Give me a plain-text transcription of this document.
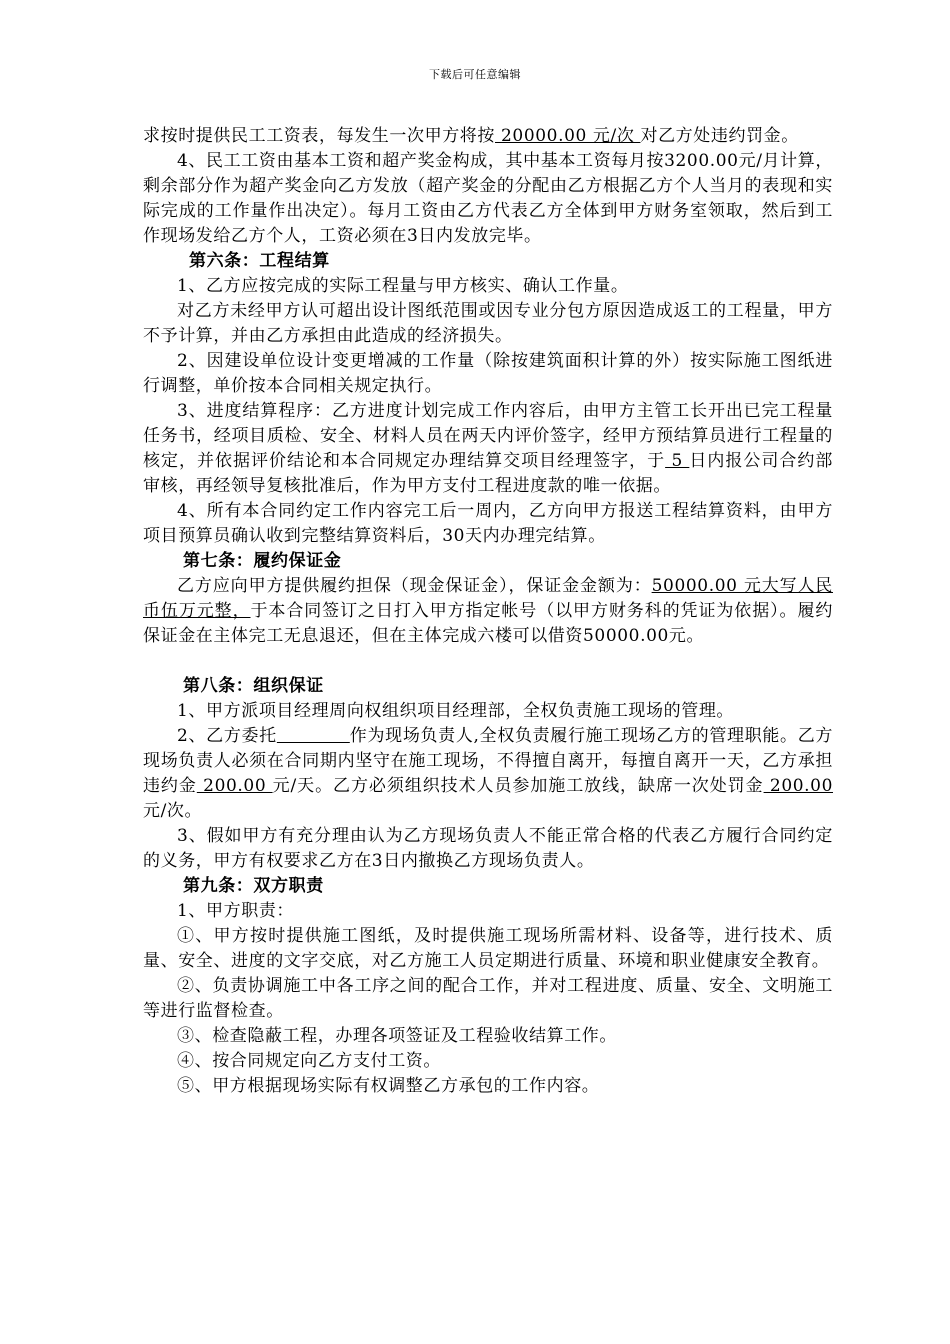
下载后可任意编辑

求按时提供民工工资表，每发生一次甲方将按 20000.00 元/次 对乙方处违约罚金。

4、民工工资由基本工资和超产奖金构成，其中基本工资每月按3200.00元/月计算，剩余部分作为超产奖金向乙方发放（超产奖金的分配由乙方根据乙方个人当月的表现和实际完成的工作量作出决定）。每月工资由乙方代表乙方全体到甲方财务室领取，然后到工作现场发给乙方个人，工资必须在3日内发放完毕。

第六条：工程结算

1、乙方应按完成的实际工程量与甲方核实、确认工作量。

对乙方未经甲方认可超出设计图纸范围或因专业分包方原因造成返工的工程量，甲方不予计算，并由乙方承担由此造成的经济损失。

2、因建设单位设计变更增减的工作量（除按建筑面积计算的外）按实际施工图纸进行调整，单价按本合同相关规定执行。

3、进度结算程序：乙方进度计划完成工作内容后，由甲方主管工长开出已完工程量任务书，经项目质检、安全、材料人员在两天内评价签字，经甲方预结算员进行工程量的核定，并依据评价结论和本合同规定办理结算交项目经理签字，于 5 日内报公司合约部审核，再经领导复核批准后，作为甲方支付工程进度款的唯一依据。

4、所有本合同约定工作内容完工后一周内，乙方向甲方报送工程结算资料，由甲方项目预算员确认收到完整结算资料后，30天内办理完结算。

第七条：履约保证金

乙方应向甲方提供履约担保（现金保证金），保证金金额为：50000.00 元大写人民币伍万元整，于本合同签订之日打入甲方指定帐号（以甲方财务科的凭证为依据）。履约保证金在主体完工无息退还，但在主体完成六楼可以借资50000.00元。

第八条：组织保证

1、甲方派项目经理周向权组织项目经理部，全权负责施工现场的管理。

2、乙方委托	作为现场负责人,全权负责履行施工现场乙方的管理职能。乙方现场负责人必须在合同期内坚守在施工现场，不得擅自离开，每擅自离开一天，乙方承担违约金 200.00 元/天。乙方必须组织技术人员参加施工放线，缺席一次处罚金 200.00 元/次。

3、假如甲方有充分理由认为乙方现场负责人不能正常合格的代表乙方履行合同约定的义务，甲方有权要求乙方在3日内撤换乙方现场负责人。

第九条：双方职责

1、甲方职责：

①、甲方按时提供施工图纸，及时提供施工现场所需材料、设备等，进行技术、质量、安全、进度的文字交底，对乙方施工人员定期进行质量、环境和职业健康安全教育。

②、负责协调施工中各工序之间的配合工作，并对工程进度、质量、安全、文明施工等进行监督检查。

③、检查隐蔽工程，办理各项签证及工程验收结算工作。

④、按合同规定向乙方支付工资。

⑤、甲方根据现场实际有权调整乙方承包的工作内容。
